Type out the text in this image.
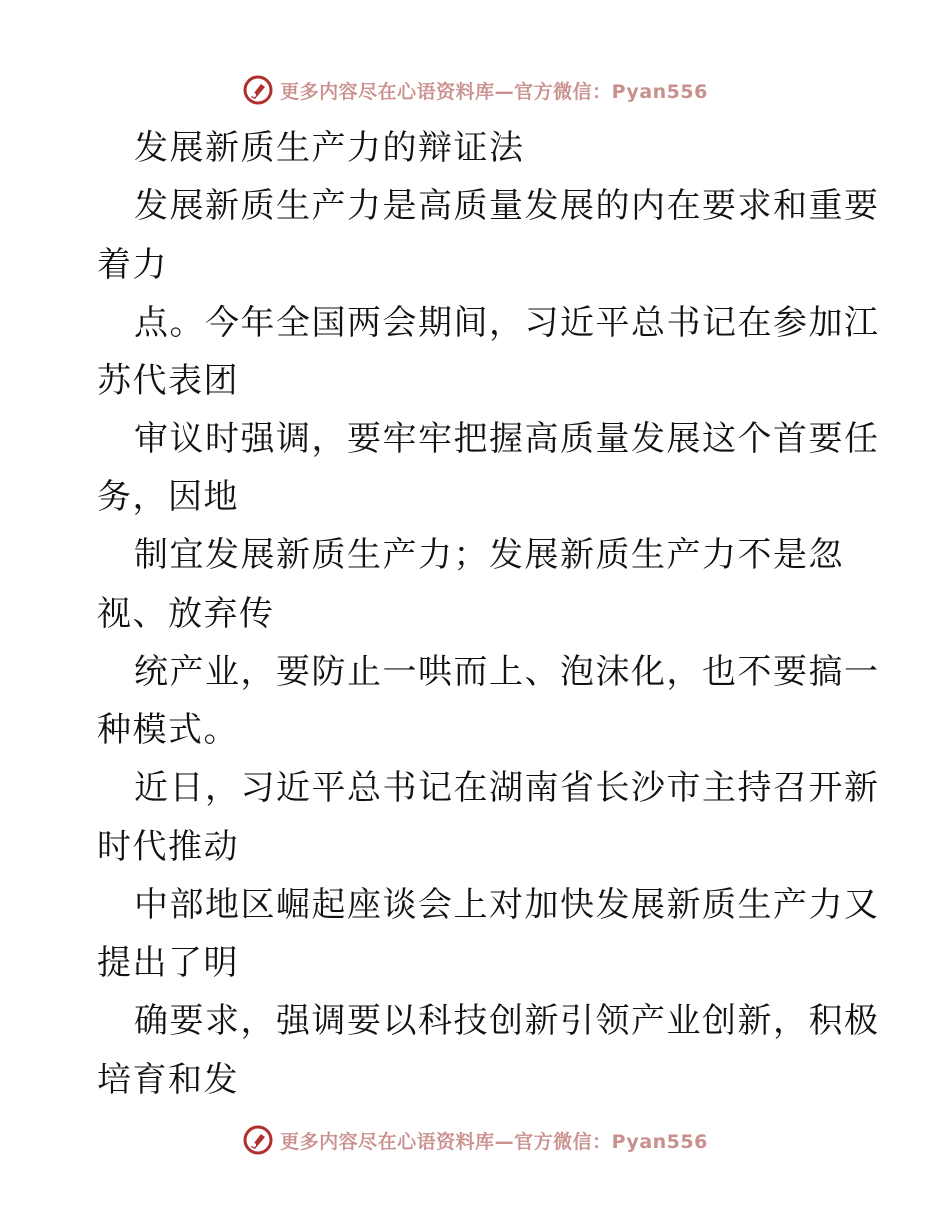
更多内容尽在心语资料库—官方微信：Pyan556
发展新质生产力的辩证法
发展新质生产力是高质量发展的内在要求和重要
着力
点。今年全国两会期间，习近平总书记在参加江
苏代表团
审议时强调，要牢牢把握高质量发展这个首要任
务，因地
制宜发展新质生产力；发展新质生产力不是忽
视、放弃传
统产业，要防止一哄而上、泡沫化，也不要搞一
种模式。
近日，习近平总书记在湖南省长沙市主持召开新
时代推动
中部地区崛起座谈会上对加快发展新质生产力又
提出了明
确要求，强调要以科技创新引领产业创新，积极
培育和发
更多内容尽在心语资料库—官方微信：Pyan556
